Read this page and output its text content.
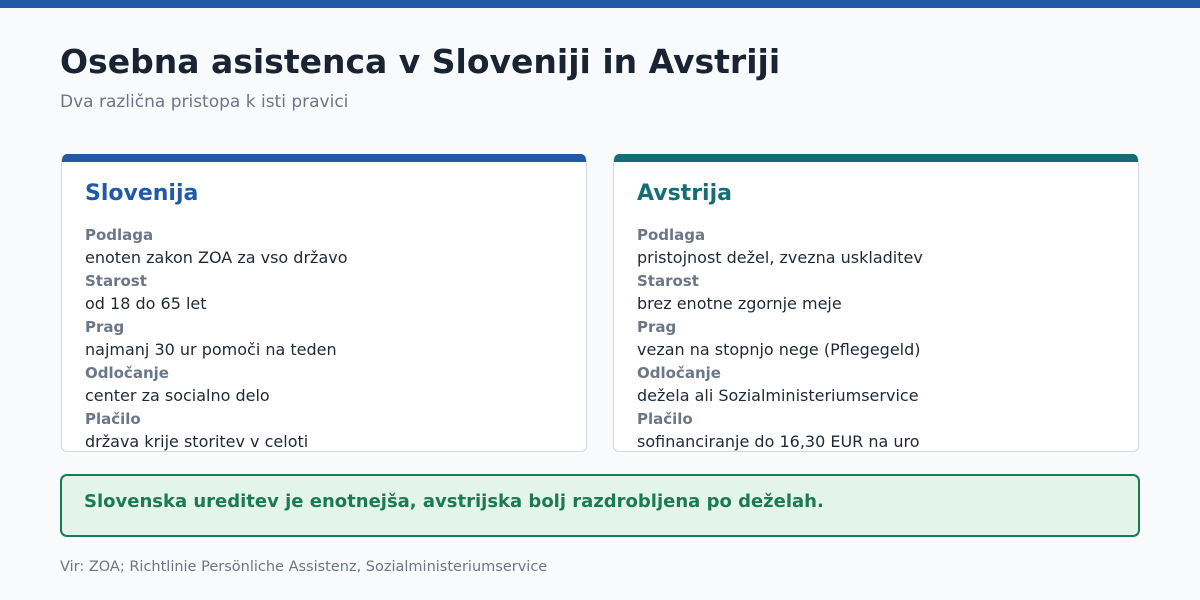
Osebna asistenca v Sloveniji in Avstriji
Dva različna pristopa k isti pravici
Slovenija
Podlaga
enoten zakon ZOA za vso državo
Starost
od 18 do 65 let
Prag
najmanj 30 ur pomoči na teden
Odločanje
center za socialno delo
Plačilo
država krije storitev v celoti
Avstrija
Podlaga
pristojnost dežel, zvezna uskladitev
Starost
brez enotne zgornje meje
Prag
vezan na stopnjo nege (Pflegegeld)
Odločanje
dežela ali Sozialministeriumservice
Plačilo
sofinanciranje do 16,30 EUR na uro
Slovenska ureditev je enotnejša, avstrijska bolj razdrobljena po deželah.
Vir: ZOA; Richtlinie Persönliche Assistenz, Sozialministeriumservice
